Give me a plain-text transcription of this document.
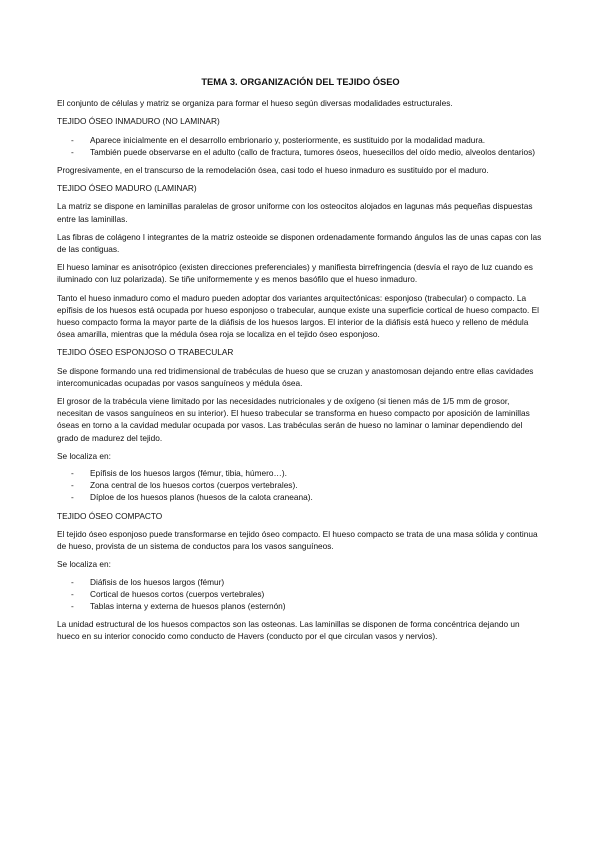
TEMA 3. ORGANIZACIÓN DEL TEJIDO ÓSEO

El conjunto de células y matriz se organiza para formar el hueso según diversas modalidades estructurales.

TEJIDO ÓSEO INMADURO (NO LAMINAR)
- Aparece inicialmente en el desarrollo embrionario y, posteriormente, es sustituido por la modalidad madura.
- También puede observarse en el adulto (callo de fractura, tumores óseos, huesecillos del oído medio, alveolos dentarios)

Progresivamente, en el transcurso de la remodelación ósea, casi todo el hueso inmaduro es sustituido por el maduro.

TEJIDO ÓSEO MADURO (LAMINAR)

La matriz se dispone en laminillas paralelas de grosor uniforme con los osteocitos alojados en lagunas más pequeñas dispuestas entre las laminillas.

Las fibras de colágeno I integrantes de la matriz osteoide se disponen ordenadamente formando ángulos las de unas capas con las de las contiguas.

El hueso laminar es anisotrópico (existen direcciones preferenciales) y manifiesta birrefringencia (desvía el rayo de luz cuando es iluminado con luz polarizada). Se tiñe uniformemente y es menos basófilo que el hueso inmaduro.

Tanto el hueso inmaduro como el maduro pueden adoptar dos variantes arquitectónicas: esponjoso (trabecular) o compacto. La epífisis de los huesos está ocupada por hueso esponjoso o trabecular, aunque existe una superficie cortical de hueso compacto. El hueso compacto forma la mayor parte de la diáfisis de los huesos largos. El interior de la diáfisis está hueco y relleno de médula ósea amarilla, mientras que la médula ósea roja se localiza en el tejido óseo esponjoso.

TEJIDO ÓSEO ESPONJOSO O TRABECULAR

Se dispone formando una red tridimensional de trabéculas de hueso que se cruzan y anastomosan dejando entre ellas cavidades intercomunicadas ocupadas por vasos sanguíneos y médula ósea.

El grosor de la trabécula viene limitado por las necesidades nutricionales y de oxígeno (si tienen más de 1/5 mm de grosor, necesitan de vasos sanguíneos en su interior). El hueso trabecular se transforma en hueso compacto por aposición de laminillas óseas en torno a la cavidad medular ocupada por vasos. Las trabéculas serán de hueso no laminar o laminar dependiendo del grado de madurez del tejido.

Se localiza en:
- Epífisis de los huesos largos (fémur, tibia, húmero…).
- Zona central de los huesos cortos (cuerpos vertebrales).
- Díploe de los huesos planos (huesos de la calota craneana).
TEJIDO ÓSEO COMPACTO

El tejido óseo esponjoso puede transformarse en tejido óseo compacto. El hueso compacto se trata de una masa sólida y continua de hueso, provista de un sistema de conductos para los vasos sanguíneos.

Se localiza en:
- Diáfisis de los huesos largos (fémur)
- Cortical de huesos cortos (cuerpos vertebrales)
- Tablas interna y externa de huesos planos (esternón)

La unidad estructural de los huesos compactos son las osteonas. Las laminillas se disponen de forma concéntrica dejando un hueco en su interior conocido como conducto de Havers (conducto por el que circulan vasos y nervios).
